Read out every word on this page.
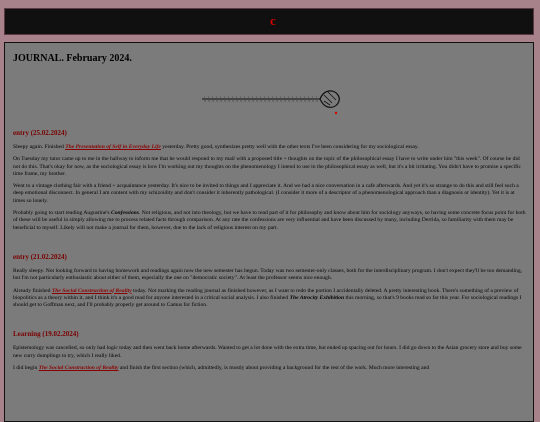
c
JOURNAL. February 2024.
entry (25.02.2024)

Sleepy again. Finished The Presentation of Self in Everyday Life yesterday. Pretty good, synthesizes pretty well with the other texts I've been considering for my sociological essay.

On Tuesday my tutor came up to me in the hallway to inform me that he would respond to my mail with a proposed title + thoughts on the topic of the philosophical essay I have to write under him "this week". Of course he did not do this. That's okay for now, as the sociological essay is how I'm working out my thoughts on the phenomenology I intend to use in the philosophical essay as well, but it's a bit irritating. You didn't have to promise a specific time frame, my brother.

Went to a vintage clothing fair with a friend + acquaintance yesterday. It's nice to be invited to things and I appreciate it. And we had a nice conversation in a cafe afterwards. And yet it's so strange to do this and still feel such a deep emotional disconnect. In general I am content with my schizoidity and don't consider it inherently pathological. (I consider it more of a descriptor of a phenomenological approach than a diagnosis or identity). Yet it is at times so lonely.

Probably going to start reading Augustine's Confessions. Not religious, and not into theology, but we have to read part of it for philosophy and know about him for sociology anyways, so having some concrete focus point for both of these will be useful in simply allowing me to process related facts through comparison. At any rate the confessions are very influential and have been discussed by many, including Derrida, so familiarity with them may be beneficial to myself. Likely will not make a journal for them, however, due to the lack of religious interest on my part.

entry (21.02.2024)

Really sleepy. Not looking forward to having homework and readings again now the new semester has begun. Today was two semester-only classes, both for the interdisciplinary program. I don't expect they'll be too demanding, but I'm not particularly enthusiastic about either of them, especially the one on "democratic society". At least the professor seems nice enough.

Already finished The Social Construction of Reality today. Not marking the reading journal as finished however, as I want to redo the portion I accidentally deleted. A pretty interesting book. There's something of a preview of biopolitics as a theory within it, and I think it's a good read for anyone interested in a critical social analysis. I also finished The Atrocity Exhibition this morning, so that's 9 books read so far this year. For sociological readings I should get to Goffman next, and I'll probably properly get around to Camus for fiction.

Learning (19.02.2024)

Epistemology was cancelled, so only had logic today and then went back home afterwards. Wanted to get a lot done with the extra time, but ended up spacing out for hours. I did go down to the Asian grocery store and buy some new curry dumplings to try, which I really liked.

I did begin The Social Construction of Reality and finish the first section (which, admittedly, is mostly about providing a background for the rest of the work. Much more interesting and
